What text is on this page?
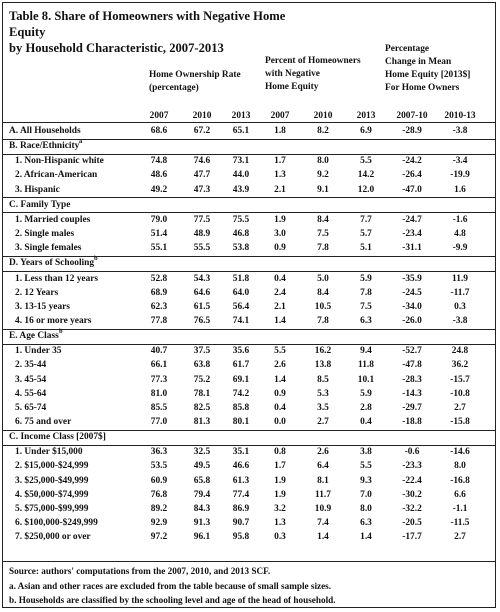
Table 8. Share of Homeowners with Negative Home Equity
by Household Characteristic, 2007-2013
Home Ownership Rate
(percentage)
Percent of Homeowners
with Negative
Home Equity
Percentage
Change in Mean
Home Equity [2013$]
For Home Owners
2007	2010	2013	2007	2010	2013	2007-10	2010-13
A. All Households	68.6	67.2	65.1	1.8	8.2	6.9	-28.9	-3.8
B. Race/Ethnicity a
1. Non-Hispanic white	74.8	74.6	73.1	1.7	8.0	5.5	-24.2	-3.4
2. African-American	48.6	47.7	44.0	1.3	9.2	14.2	-26.4	-19.9
3. Hispanic	49.2	47.3	43.9	2.1	9.1	12.0	-47.0	1.6
C. Family Type
1. Married couples	79.0	77.5	75.5	1.9	8.4	7.7	-24.7	-1.6
2. Single males	51.4	48.9	46.8	3.0	7.5	5.7	-23.4	4.8
3. Single females	55.1	55.5	53.8	0.9	7.8	5.1	-31.1	-9.9
D. Years of Schooling b
1. Less than 12 years	52.8	54.3	51.8	0.4	5.0	5.9	-35.9	11.9
2. 12 Years	68.9	64.6	64.0	2.4	8.4	7.8	-24.5	-11.7
3. 13-15 years	62.3	61.5	56.4	2.1	10.5	7.5	-34.0	0.3
4. 16 or more years	77.8	76.5	74.1	1.4	7.8	6.3	-26.0	-3.8
E. Age Class b
1. Under 35	40.7	37.5	35.6	5.5	16.2	9.4	-52.7	24.8
2. 35-44	66.1	63.8	61.7	2.6	13.8	11.8	-47.8	36.2
3. 45-54	77.3	75.2	69.1	1.4	8.5	10.1	-28.3	-15.7
4. 55-64	81.0	78.1	74.2	0.9	5.3	5.9	-14.3	-10.8
5. 65-74	85.5	82.5	85.8	0.4	3.5	2.8	-29.7	2.7
6. 75 and over	77.0	81.3	80.1	0.0	2.7	0.4	-18.8	-15.8
C. Income Class [2007$]
1. Under $15,000	36.3	32.5	35.1	0.8	2.6	3.8	-0.6	-14.6
2. $15,000-$24,999	53.5	49.5	46.6	1.7	6.4	5.5	-23.3	8.0
3. $25,000-$49,999	60.9	65.8	61.3	1.9	8.1	9.3	-22.4	-16.8
4. $50,000-$74,999	76.8	79.4	77.4	1.9	11.7	7.0	-30.2	6.6
5. $75,000-$99,999	89.2	84.3	86.9	3.2	10.9	8.0	-32.2	-1.1
6. $100,000-$249,999	92.9	91.3	90.7	1.3	7.4	6.3	-20.5	-11.5
7. $250,000 or over	97.2	96.1	95.8	0.3	1.4	1.4	-17.7	2.7
Source: authors' computations from the 2007, 2010, and 2013 SCF.
a. Asian and other races are excluded from the table because of small sample sizes.
b. Households are classified by the schooling level and age of the head of household.
